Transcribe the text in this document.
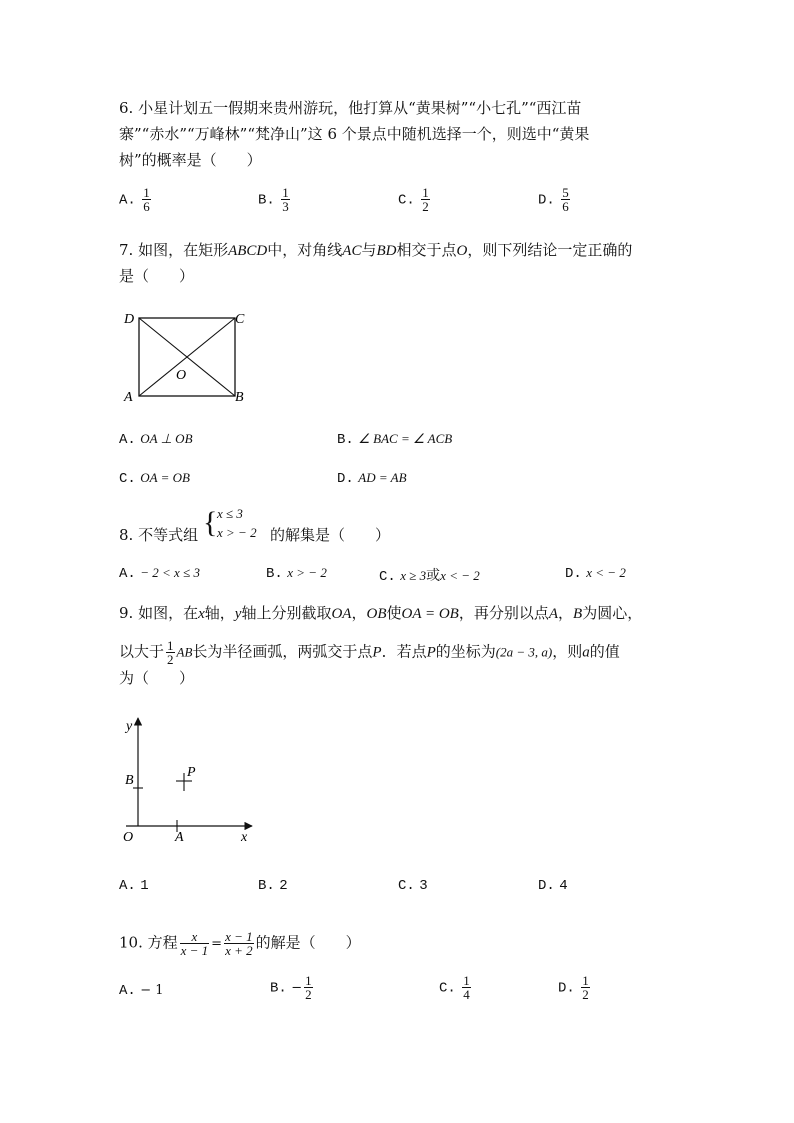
6. 小星计划五一假期来贵州游玩，他打算从“黄果树”“小七孔”“西江苗
寨”“赤水”“万峰林”“梵净山”这 6 个景点中随机选择一个，则选中“黄果
树”的概率是（　　）
A. $\frac{1}{6}$	B. $\frac{1}{3}$	C. $\frac{1}{2}$	D. $\frac{5}{6}$
7. 如图，在矩形ABCD中，对角线AC与BD相交于点O，则下列结论一定正确的
是（　　）
D	C
A	B
O
A. OA ⊥ OB	B. ∠ BAC = ∠ ACB
C. OA = OB	D. AD = AB
8. 不等式组 { x ≤ 3
x > − 2 的解集是（　　）
A. − 2 < x ≤ 3	B. x > − 2	C. x ≥ 3或x < − 2	D. x < − 2
9. 如图，在x轴，y轴上分别截取OA，OB使OA = OB，再分别以点A，B为圆心，
以大于 $\frac{1}{2}$ AB长为半径画弧，两弧交于点P．若点P的坐标为(2a − 3, a)，则a的值
为（　　）
y
x
B
P
O	A
A. 1	B. 2	C. 3	D. 4
10. 方程 $\frac{x}{x - 1} = \frac{x - 1}{x + 2}$ 的解是（　　）
A. − 1	B. − $\frac{1}{2}$	C. $\frac{1}{4}$	D. $\frac{1}{2}$
